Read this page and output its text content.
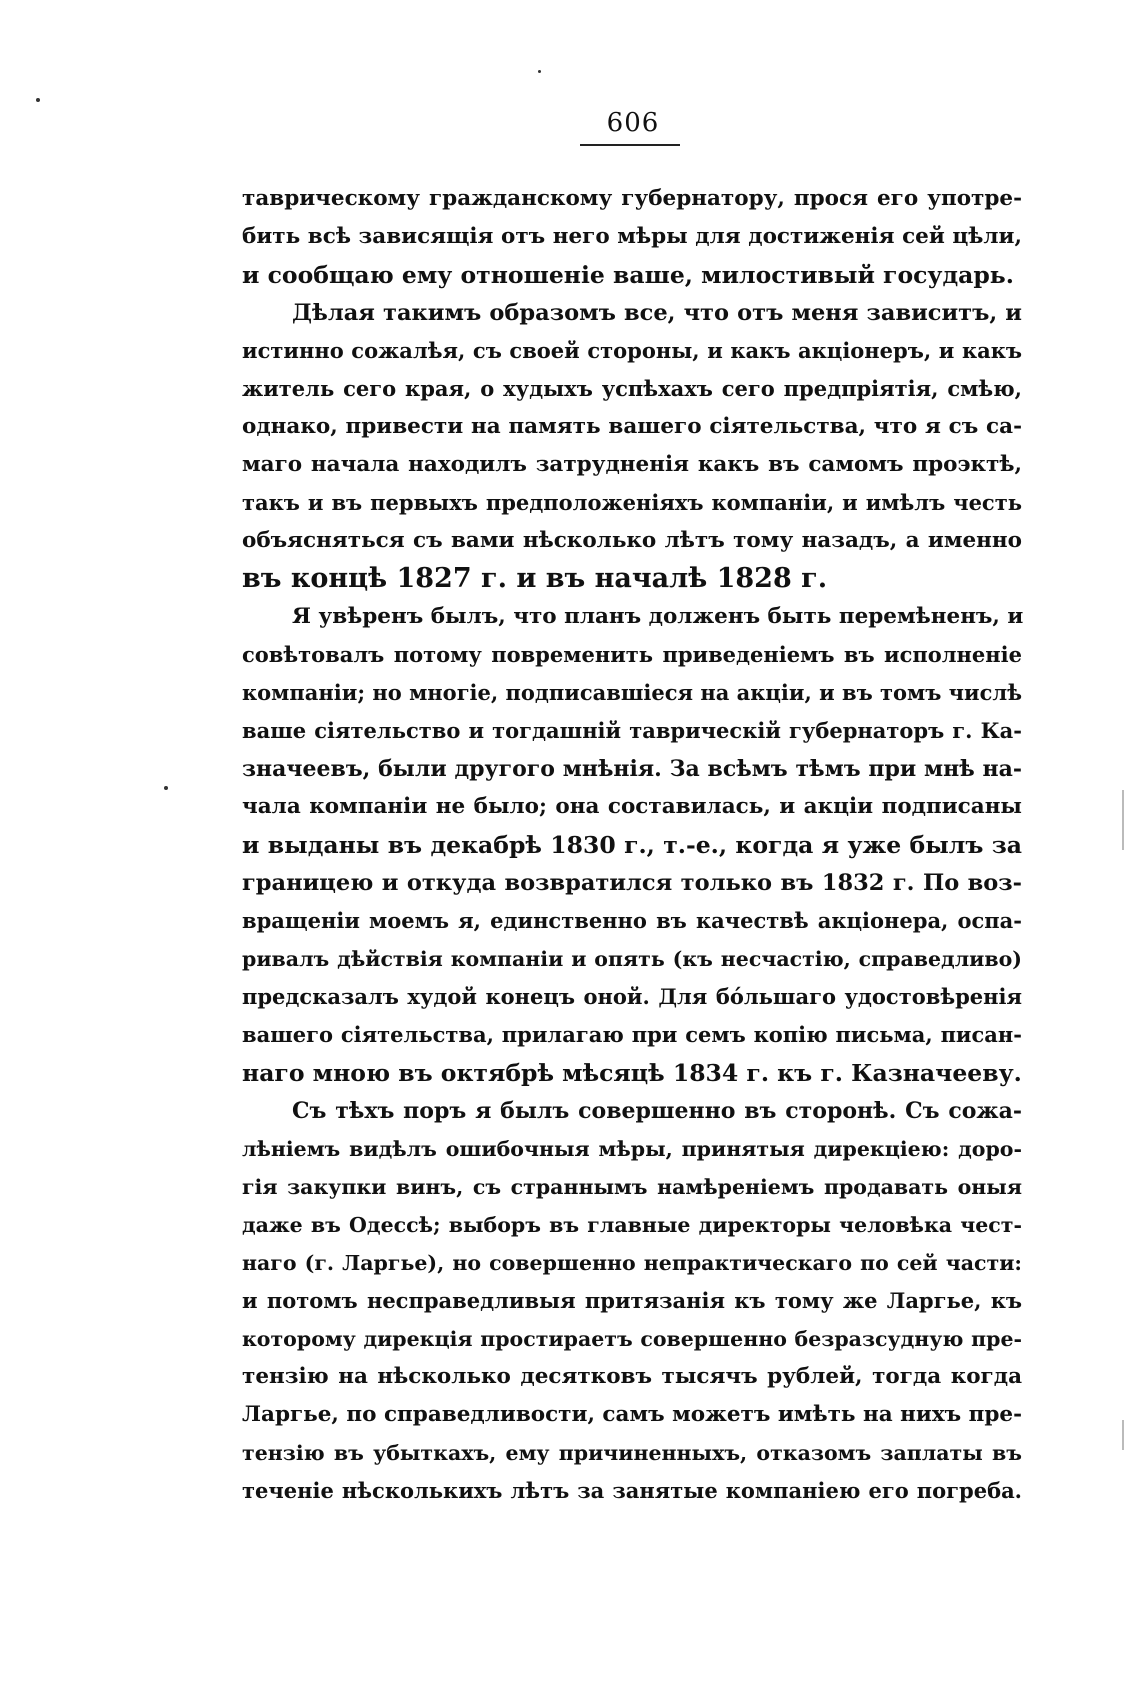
606
таврическому гражданскому губернатору, прося его употре-
бить всѣ зависящія отъ него мѣры для достиженія сей цѣли,
и сообщаю ему отношеніе ваше, милостивый государь.
Дѣлая такимъ образомъ все, что отъ меня зависитъ, и
истинно сожалѣя, съ своей стороны, и какъ акціонеръ, и какъ
житель сего края, о худыхъ успѣхахъ сего предпріятія, смѣю,
однако, привести на память вашего сіятельства, что я съ са-
маго начала находилъ затрудненія какъ въ самомъ проэктѣ,
такъ и въ первыхъ предположеніяхъ компаніи, и имѣлъ честь
объясняться съ вами нѣсколько лѣтъ тому назадъ, а именно
въ концѣ 1827 г. и въ началѣ 1828 г.
Я увѣренъ былъ, что планъ долженъ быть перемѣненъ, и
совѣтовалъ потому повременить приведеніемъ въ исполненіе
компаніи; но многіе, подписавшіеся на акціи, и въ томъ числѣ
ваше сіятельство и тогдашній таврическій губернаторъ г. Ка-
значеевъ, были другого мнѣнія. За всѣмъ тѣмъ при мнѣ на-
чала компаніи не было; она составилась, и акціи подписаны
и выданы въ декабрѣ 1830 г., т.-е., когда я уже былъ за
границею и откуда возвратился только въ 1832 г. По воз-
вращеніи моемъ я, единственно въ качествѣ акціонера, оспа-
ривалъ дѣйствія компаніи и опять (къ несчастію, справедливо)
предсказалъ худой конецъ оной. Для бóльшаго удостовѣренія
вашего сіятельства, прилагаю при семъ копію письма, писан-
наго мною въ октябрѣ мѣсяцѣ 1834 г. къ г. Казначееву.
Съ тѣхъ поръ я былъ совершенно въ сторонѣ. Съ сожа-
лѣніемъ видѣлъ ошибочныя мѣры, принятыя дирекціею: доро-
гія закупки винъ, съ страннымъ намѣреніемъ продавать оныя
даже въ Одессѣ; выборъ въ главные директоры человѣка чест-
наго (г. Ларгье), но совершенно непрактическаго по сей части:
и потомъ несправедливыя притязанія къ тому же Ларгье, къ
которому дирекція простираетъ совершенно безразсудную пре-
тензію на нѣсколько десятковъ тысячъ рублей, тогда когда
Ларгье, по справедливости, самъ можетъ имѣть на нихъ пре-
тензію въ убыткахъ, ему причиненныхъ, отказомъ заплаты въ
теченіе нѣсколькихъ лѣтъ за занятые компаніею его погреба.
